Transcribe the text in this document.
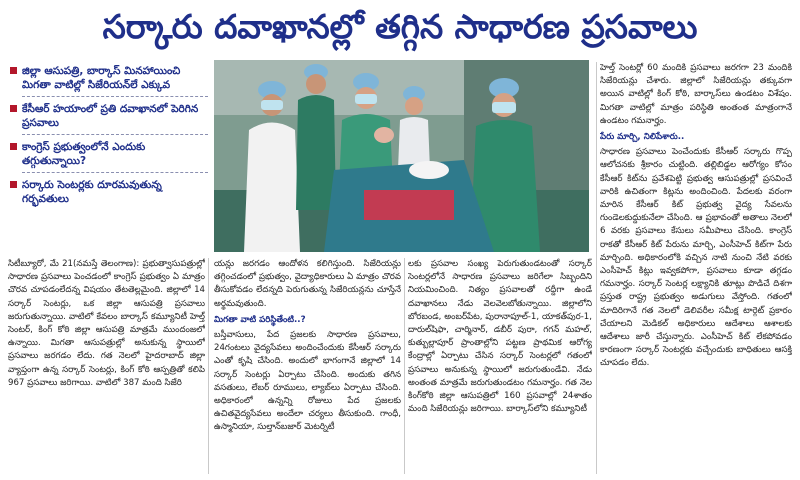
సర్కారు దవాఖానల్లో తగ్గిన సాధారణ ప్రసవాలు
జిల్లా ఆసుపత్రి, బార్కాస్ మినహాయించి మిగతా వాటిల్లో సిజేరియన్‌లే ఎక్కువ
కేసీఆర్ హయాంలో ప్రతి దవాఖానలో పెరిగిన ప్రసవాలు
కాంగ్రెస్ ప్రభుత్వంలోనే ఎందుకు తగ్గుతున్నాయి?
సర్కారు సెంటర్లకు దూరమవుతున్న గర్భవతులు

సిటీబ్యూరో, మే 21(నమస్తే తెలంగాణ): ప్రభుత్వాసుపత్రుల్లో సాధారణ ప్రసవాలు పెంచడంలో కాంగ్రెస్ ప్రభుత్వం ఏ మాత్రం చొరవ చూపడంలేదన్న విషయం తేటతెల్లమైంది. జిల్లాలో 14 సర్కార్ సెంటర్లు, ఒక జిల్లా ఆసుపత్రి ప్రసవాలు జరుగుతున్నాయి. వాటిలో కేవలం బార్కాస్ కమ్యూనిటీ హెల్త్ సెంటర్, కింగ్ కోఠి జిల్లా ఆసుపత్రి మాత్రమే ముందంజలో ఉన్నాయి. మిగతా ఆసుపత్రుల్లో అనుకున్న స్థాయిలో ప్రసవాలు జరగడం లేదు. గత నెలలో హైదరాబాద్ జిల్లా వ్యాప్తంగా ఉన్న సర్కార్ సెంటర్లు, కింగ్ కోఠి ఆస్పత్రితో కలిపి 967 ప్రసవాలు జరిగాయి. వాటిలో 387 మంది సిజేరి

యన్లు జరగడం ఆందోళన కలిగిస్తుంది. సిజేరియన్లు తగ్గించడంలో ప్రభుత్వం, వైద్యాధికారులు ఏ మాత్రం చొరవ తీసుకోవడం లేదన్నది పెరుగుతున్న సిజేరియన్లను చూస్తేనే అర్థమవుతుంది.

మిగతా వాటి పరిస్థితేంటి..?

బస్తీవాసులు, పేద ప్రజలకు సాధారణ ప్రసవాలు, 24గంటలు వైద్యసేవలు అందించేందుకు కేసీఆర్ సర్కారు ఎంతో కృషి చేసింది. అందులో భాగంగానే జిల్లాలో 14 సర్కార్ సెంటర్లు ఏర్పాటు చేసింది. అందుకు తగిన వసతులు, లేబర్ రూములు, ల్యాబ్‌లు ఏర్పాటు చేసింది. అధికారంలో ఉన్నన్ని రోజులు పేద ప్రజలకు ఉచితవైద్యసేవలు అందేలా చర్యలు తీసుకుంది. గాంధీ, ఉస్మానియా, సుల్తాన్‌బజార్ మెటర్నిటీ

లకు ప్రసవాల సంఖ్య పెరుగుతుండటంతో సర్కార్ సెంటర్లలోనే సాధారణ ప్రసవాలు జరిగేలా సిబ్బందిని నియమించింది. నిత్యం ప్రసవాలతో రద్దీగా ఉండే దవాఖానలు నేడు వెలవెలబోతున్నాయి. జిల్లాలోని బోరబండ, అంబర్‌పేట, పురానాపూల్-1, యాకత్‌పుర-1, దారుల్‌షిఫా, చార్మినార్, డబీర్ పురా, గగన్ మహల్, కుత్బుల్లాపూర్ ప్రాంతాల్లోని పట్టణ ప్రాథమిక ఆరోగ్య కేంద్రాల్లో ఏర్పాటు చేసిన సర్కార్ సెంటర్లలో గతంలో ప్రసవాలు అనుకున్న స్థాయిలో జరుగుతుండేవి. నేడు అంతంత మాత్రమే జరుగుతుండటం గమనార్హం. గత నెల కింగ్‌కోఠి జిల్లా ఆసుపత్రిలో 160 ప్రసవాల్లో 24శాతం మంది సిజేరియన్లు జరిగాయి. బార్కాస్‌లోని కమ్యూనిటీ

హెల్త్ సెంటర్లో 60 మందికి ప్రసవాలు జరగగా 23 మందికి సిజేరియన్లు చేశారు. జిల్లాలో సిజేరియన్లు తక్కువగా అయిన వాటిల్లో కింగ్ కోఠి, బార్కాస్‌లు ఉండటం విశేషం. మిగతా వాటిల్లో మాత్రం పరిస్థితి అంతంత మాత్రంగానే ఉండటం గమనార్హం.

పేరు మార్చి, నిలిపేశారు..

సాధారణ ప్రసవాలు పెంచేందుకు కేసీఆర్ సర్కారు గొప్ప ఆలోచనకు శ్రీకారం చుట్టింది. తల్లిబిడ్డల ఆరోగ్యం కోసం కేసీఆర్ కిట్‌ను ప్రవేశపెట్టి ప్రభుత్వ ఆసుపత్రుల్లో ప్రసవించే వారికి ఉచితంగా కిట్లను అందించింది. పేదలకు వరంగా మారిన కేసీఆర్ కిట్ ప్రభుత్వ వైద్య సేవలను గుండెలకుద్దుకునేలా చేసింది. ఆ ప్రభావంతో అతాలు నెలలో 6 వరకు ప్రసవాలు కేసులు సమీపాలు చేసింది. కాంగ్రెస్ రాకతో కేసీఆర్ కిట్ పేరును మార్చి, ఎంసీహెచ్ కిట్‌గా పేరు మార్చింది. అధికారంలోకి వచ్చిన నాటి నుంచి నేటి వరకు ఎంసీహెచ్ కిట్లు ఇవ్వకపోగా, ప్రసవాలు కూడా తగ్గడం గమనార్హం. సర్కార్ సెంటర్ల లక్ష్యానికి తూట్లు పొడిచే దిశగా ప్రస్తుత రాష్ట్ర ప్రభుత్వం అడుగులు వేస్తోంది. గతంలో మాదిరిగానే గత నెలలో డెలివరీల సమీక్ష టార్గెట్ ప్రకారం చేయాలని మెడికల్ అధికారులు ఆదేశాలు ఆశాలకు ఆదేశాలు జారీ చేస్తున్నారు. ఎంసీహెచ్ కిట్ లేకపోవడం కారణంగా సర్కార్ సెంటర్లకు వచ్చేందుకు బాధితులు ఆసక్తి చూపడం లేదు.
